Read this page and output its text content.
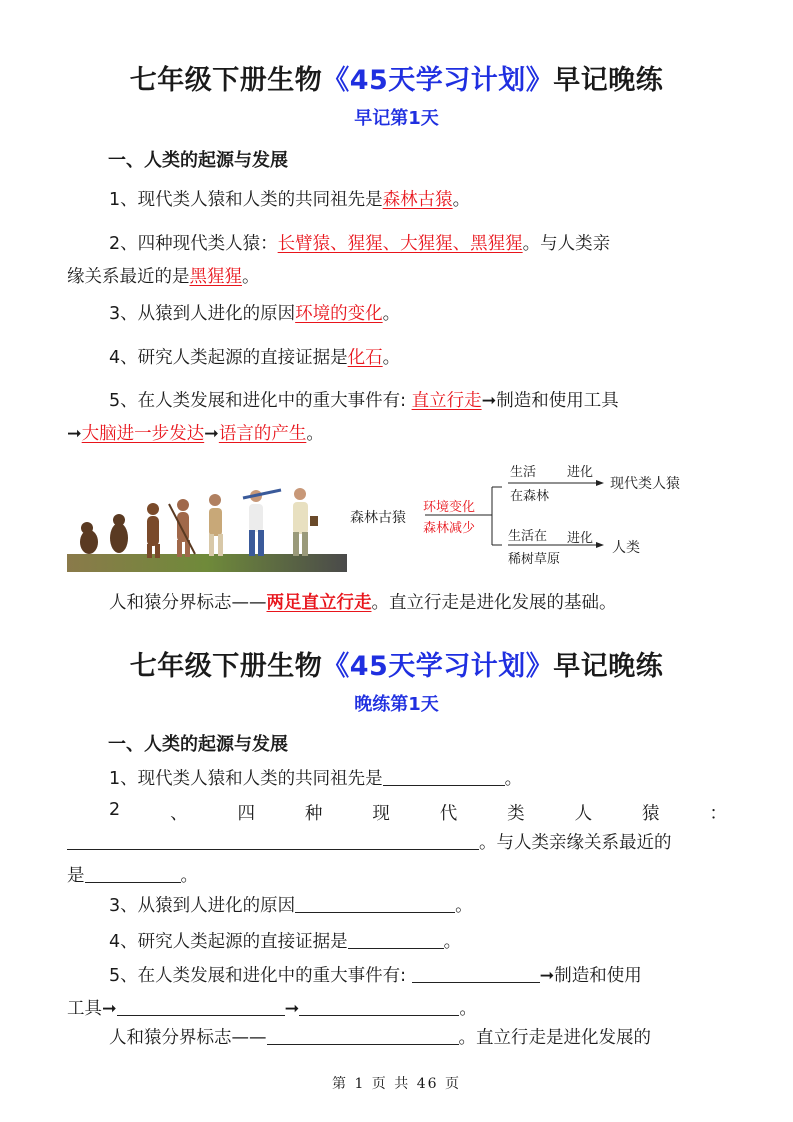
七年级下册生物《45天学习计划》早记晚练
早记第1天
一、人类的起源与发展
1、现代类人猿和人类的共同祖先是森林古猿。
2、四种现代类人猿：长臂猿、猩猩、大猩猩、黑猩猩。与人类亲
缘关系最近的是黑猩猩。
3、从猿到人进化的原因环境的变化。
4、研究人类起源的直接证据是化石。
5、在人类发展和进化中的重大事件有: 直立行走➞制造和使用工具
➞大脑进一步发达➞语言的产生。
森林古猿
环境变化
森林减少
生活
在森林
进化
现代类人猿
生活在
稀树草原
进化
人类
人和猿分界标志——两足直立行走。直立行走是进化发展的基础。
七年级下册生物《45天学习计划》早记晚练
晚练第1天
一、人类的起源与发展
1、现代类人猿和人类的共同祖先是	。
2	、	四	种	现	代	类	人	猿	：
。与人类亲缘关系最近的
是	。
3、从猿到人进化的原因	。
4、研究人类起源的直接证据是	。
5、在人类发展和进化中的重大事件有:	➞制造和使用
工具➞	➞	。
人和猿分界标志——	。直立行走是进化发展的
第 1 页 共 46 页
